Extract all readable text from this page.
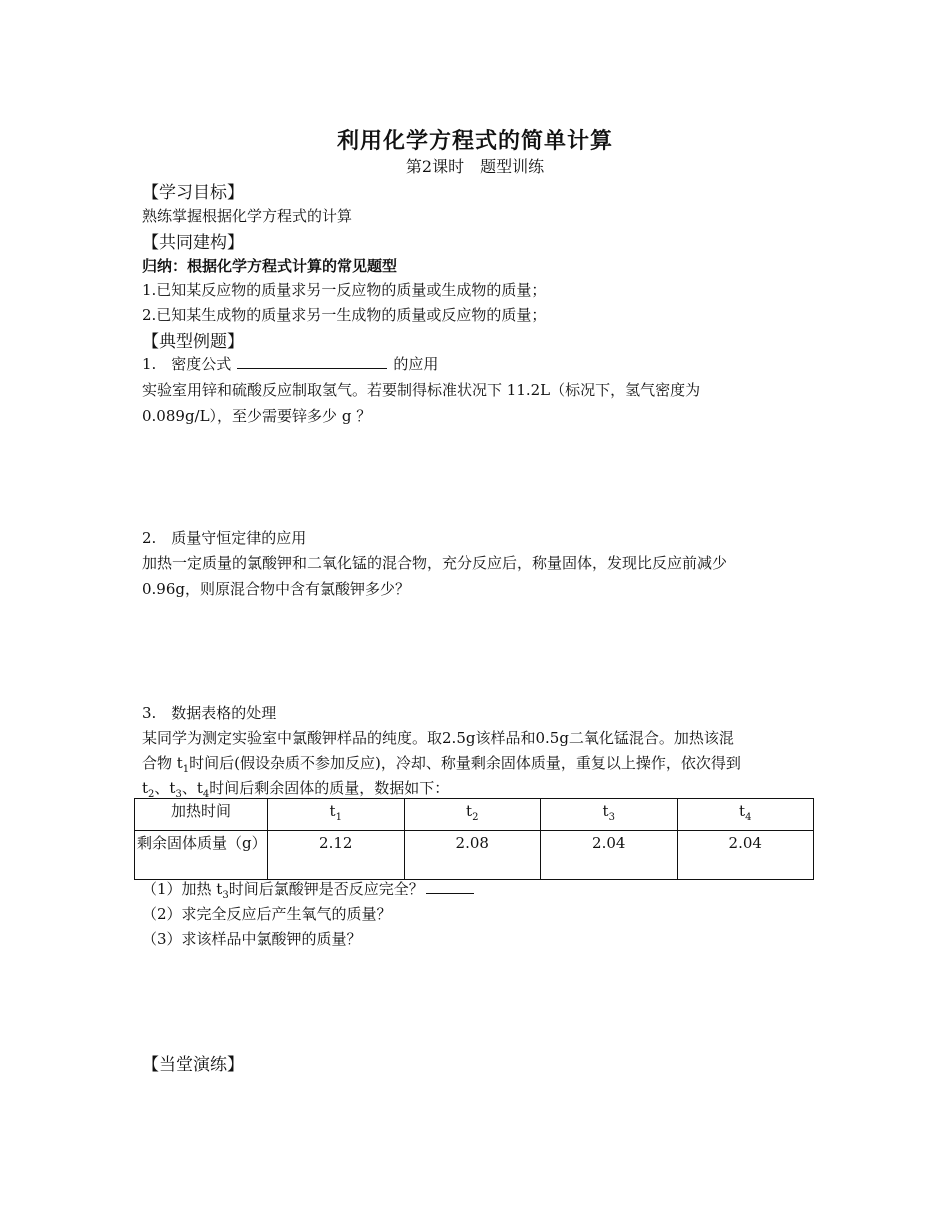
利用化学方程式的简单计算
第2课时　题型训练
【学习目标】
熟练掌握根据化学方程式的计算
【共同建构】
归纳：根据化学方程式计算的常见题型
1.已知某反应物的质量求另一反应物的质量或生成物的质量；
2.已知某生成物的质量求另一生成物的质量或反应物的质量；
【典型例题】
1.　密度公式	的应用
实验室用锌和硫酸反应制取氢气。若要制得标准状况下 11.2L（标况下，氢气密度为
0.089g/L），至少需要锌多少 g ？
2.　质量守恒定律的应用
加热一定质量的氯酸钾和二氧化锰的混合物，充分反应后，称量固体，发现比反应前减少
0.96g，则原混合物中含有氯酸钾多少？
3.　数据表格的处理
某同学为测定实验室中氯酸钾样品的纯度。取2.5g该样品和0.5g二氧化锰混合。加热该混
合物 $t_1$时间后(假设杂质不参加反应)，冷却、称量剩余固体质量，重复以上操作，依次得到
$t_2$、$t_3$、$t_4$时间后剩余固体的质量，数据如下：
加热时间	$t_1$	$t_2$	$t_3$	$t_4$
剩余固体质量（g）	2.12	2.08	2.04	2.04
（1）加热 $t_3$时间后氯酸钾是否反应完全？
（2）求完全反应后产生氧气的质量？
（3）求该样品中氯酸钾的质量？
【当堂演练】
